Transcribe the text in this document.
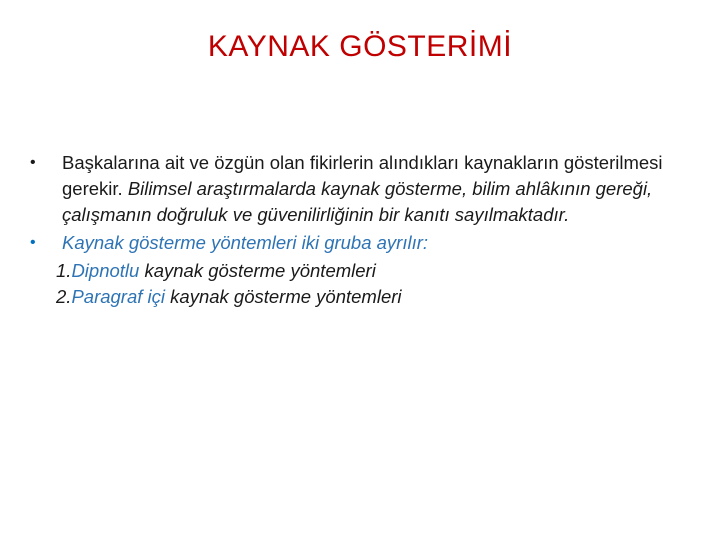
KAYNAK GÖSTERİMİ
•	Başkalarına ait ve özgün olan fikirlerin alındıkları kaynakların gösterilmesi gerekir. Bilimsel araştırmalarda kaynak gösterme, bilim ahlâkının gereği, çalışmanın doğruluk ve güvenilirliğinin bir kanıtı sayılmaktadır.
•	Kaynak gösterme yöntemleri iki gruba ayrılır:
1.Dipnotlu kaynak gösterme yöntemleri
2.Paragraf içi kaynak gösterme yöntemleri
